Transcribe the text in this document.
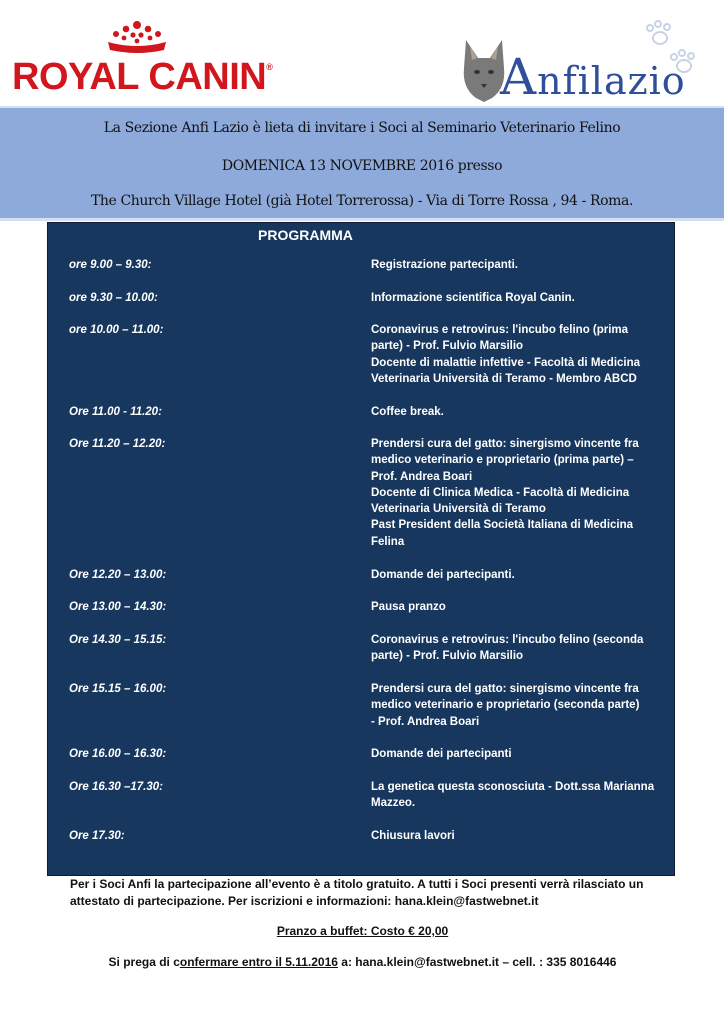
ROYAL CANIN®	Anfilazio
La Sezione Anfi Lazio è lieta di invitare i Soci al Seminario Veterinario Felino
DOMENICA 13 NOVEMBRE 2016 presso
The Church Village Hotel (già Hotel Torrerossa) - Via di Torre Rossa , 94 - Roma.
PROGRAMMA
ore 9.00 – 9.30:	Registrazione partecipanti.
ore 9.30 – 10.00:	Informazione scientifica Royal Canin.
ore 10.00 – 11.00:	Coronavirus e retrovirus: l'incubo felino (prima
parte) - Prof. Fulvio Marsilio
Docente di malattie infettive - Facoltà di Medicina
Veterinaria Università di Teramo - Membro ABCD
Ore 11.00 - 11.20:	Coffee break.
Ore 11.20 – 12.20:	Prendersi cura del gatto: sinergismo vincente fra
medico veterinario e proprietario (prima parte) –
Prof. Andrea Boari
Docente di Clinica Medica - Facoltà di Medicina
Veterinaria Università di Teramo
Past President della Società Italiana di Medicina
Felina
Ore 12.20 – 13.00:	Domande dei partecipanti.
Ore 13.00 – 14.30:	Pausa pranzo
Ore 14.30 – 15.15:	Coronavirus e retrovirus: l'incubo felino (seconda
parte) - Prof. Fulvio Marsilio
Ore 15.15 – 16.00:	Prendersi cura del gatto: sinergismo vincente fra
medico veterinario e proprietario (seconda parte)
- Prof. Andrea Boari
Ore 16.00 – 16.30:	Domande dei partecipanti
Ore 16.30 –17.30:	La genetica questa sconosciuta - Dott.ssa Marianna
Mazzeo.
Ore 17.30:	Chiusura lavori
Per i Soci Anfi la partecipazione all’evento è a titolo gratuito. A tutti i Soci presenti verrà rilasciato un
attestato di partecipazione. Per iscrizioni e informazioni: hana.klein@fastwebnet.it
Pranzo a buffet: Costo € 20,00
Si prega di confermare entro il 5.11.2016 a: hana.klein@fastwebnet.it – cell. : 335 8016446
